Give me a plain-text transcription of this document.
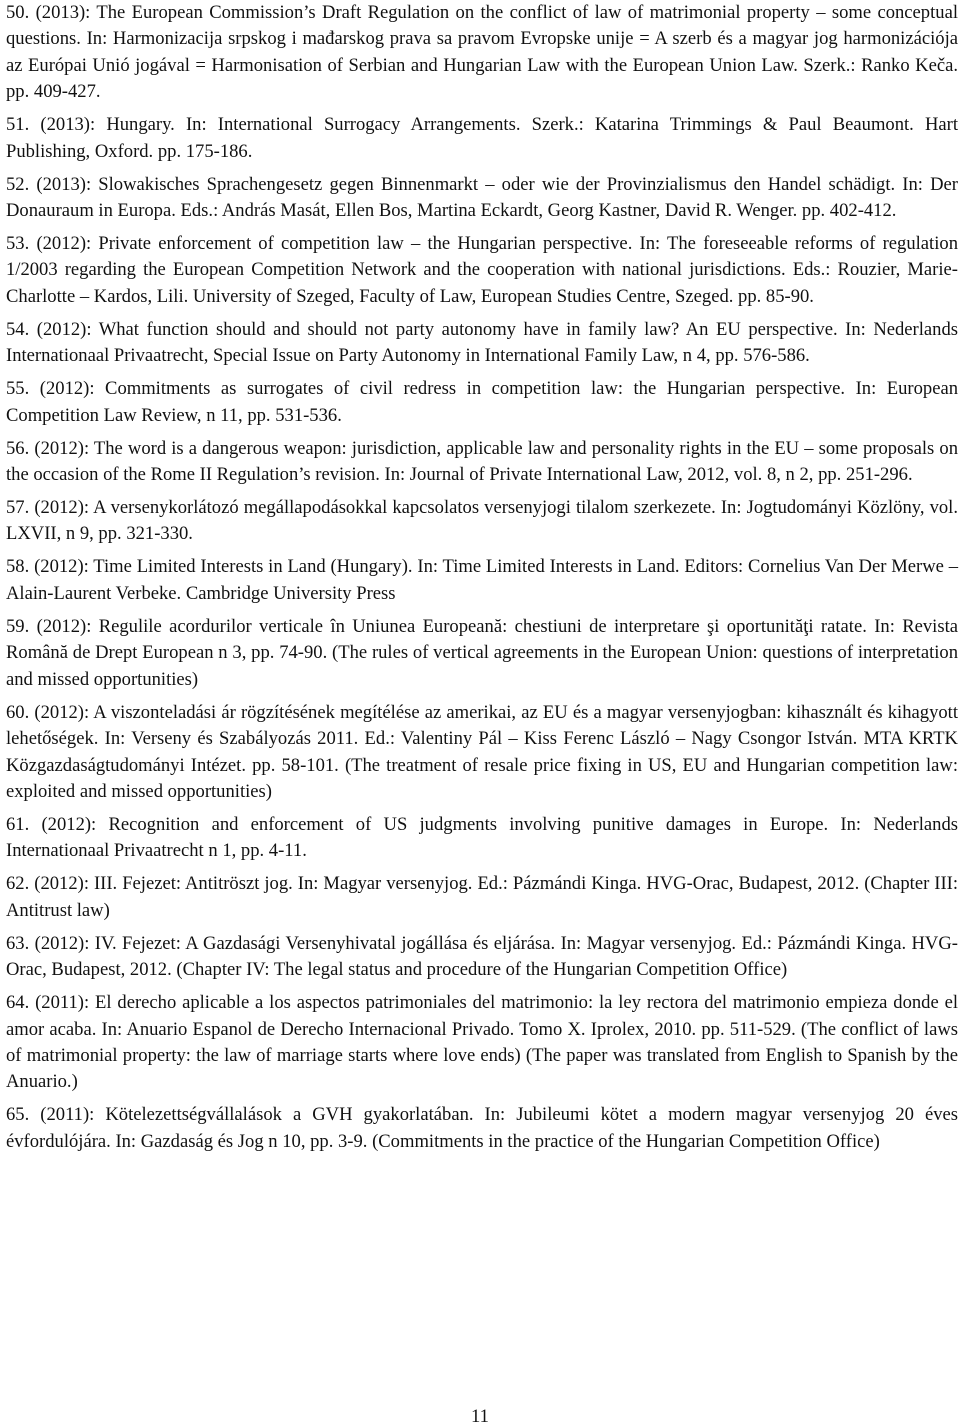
50. (2013): The European Commission’s Draft Regulation on the conflict of law of matrimonial property – some conceptual questions. In: Harmonizacija srpskog i mađarskog prava sa pravom Evropske unije = A szerb és a magyar jog harmonizációja az Európai Unió jogával = Harmonisation of Serbian and Hungarian Law with the European Union Law. Szerk.: Ranko Keča. pp. 409-427.

51. (2013): Hungary. In: International Surrogacy Arrangements. Szerk.: Katarina Trimmings & Paul Beaumont. Hart Publishing, Oxford. pp. 175-186.

52. (2013): Slowakisches Sprachengesetz gegen Binnenmarkt – oder wie der Provinzialismus den Handel schädigt. In: Der Donauraum in Europa. Eds.: András Masát, Ellen Bos, Martina Eckardt, Georg Kastner, David R. Wenger. pp. 402-412.

53. (2012): Private enforcement of competition law – the Hungarian perspective. In: The foreseeable reforms of regulation 1/2003 regarding the European Competition Network and the cooperation with national jurisdictions. Eds.: Rouzier, Marie-Charlotte – Kardos, Lili. University of Szeged, Faculty of Law, European Studies Centre, Szeged. pp. 85-90.

54. (2012): What function should and should not party autonomy have in family law? An EU perspective. In: Nederlands Internationaal Privaatrecht, Special Issue on Party Autonomy in International Family Law, n 4, pp. 576-586.

55. (2012): Commitments as surrogates of civil redress in competition law: the Hungarian perspective. In: European Competition Law Review, n 11, pp. 531-536.

56. (2012): The word is a dangerous weapon: jurisdiction, applicable law and personality rights in the EU – some proposals on the occasion of the Rome II Regulation’s revision. In: Journal of Private International Law, 2012, vol. 8, n 2, pp. 251-296.

57. (2012): A versenykorlátozó megállapodásokkal kapcsolatos versenyjogi tilalom szerkezete. In: Jogtudományi Közlöny, vol. LXVII, n 9, pp. 321-330.

58. (2012): Time Limited Interests in Land (Hungary). In: Time Limited Interests in Land. Editors: Cornelius Van Der Merwe – Alain-Laurent Verbeke. Cambridge University Press

59. (2012): Regulile acordurilor verticale în Uniunea Europeană: chestiuni de interpretare şi oportunităţi ratate. In: Revista Română de Drept European n 3, pp. 74-90. (The rules of vertical agreements in the European Union: questions of interpretation and missed opportunities)

60. (2012): A viszonteladási ár rögzítésének megítélése az amerikai, az EU és a magyar versenyjogban: kihasznált és kihagyott lehetőségek. In: Verseny és Szabályozás 2011. Ed.: Valentiny Pál – Kiss Ferenc László – Nagy Csongor István. MTA KRTK Közgazdaságtudományi Intézet. pp. 58-101. (The treatment of resale price fixing in US, EU and Hungarian competition law: exploited and missed opportunities)

61. (2012): Recognition and enforcement of US judgments involving punitive damages in Europe. In: Nederlands Internationaal Privaatrecht n 1, pp. 4-11.

62. (2012): III. Fejezet: Antitröszt jog. In: Magyar versenyjog. Ed.: Pázmándi Kinga. HVG-Orac, Budapest, 2012. (Chapter III: Antitrust law)

63. (2012): IV. Fejezet: A Gazdasági Versenyhivatal jogállása és eljárása. In: Magyar versenyjog. Ed.: Pázmándi Kinga. HVG-Orac, Budapest, 2012. (Chapter IV: The legal status and procedure of the Hungarian Competition Office)

64. (2011): El derecho aplicable a los aspectos patrimoniales del matrimonio: la ley rectora del matrimonio empieza donde el amor acaba. In: Anuario Espanol de Derecho Internacional Privado. Tomo X. Iprolex, 2010. pp. 511-529. (The conflict of laws of matrimonial property: the law of marriage starts where love ends) (The paper was translated from English to Spanish by the Anuario.)

65. (2011): Kötelezettségvállalások a GVH gyakorlatában. In: Jubileumi kötet a modern magyar versenyjog 20 éves évfordulójára. In: Gazdaság és Jog n 10, pp. 3-9. (Commitments in the practice of the Hungarian Competition Office)

11
